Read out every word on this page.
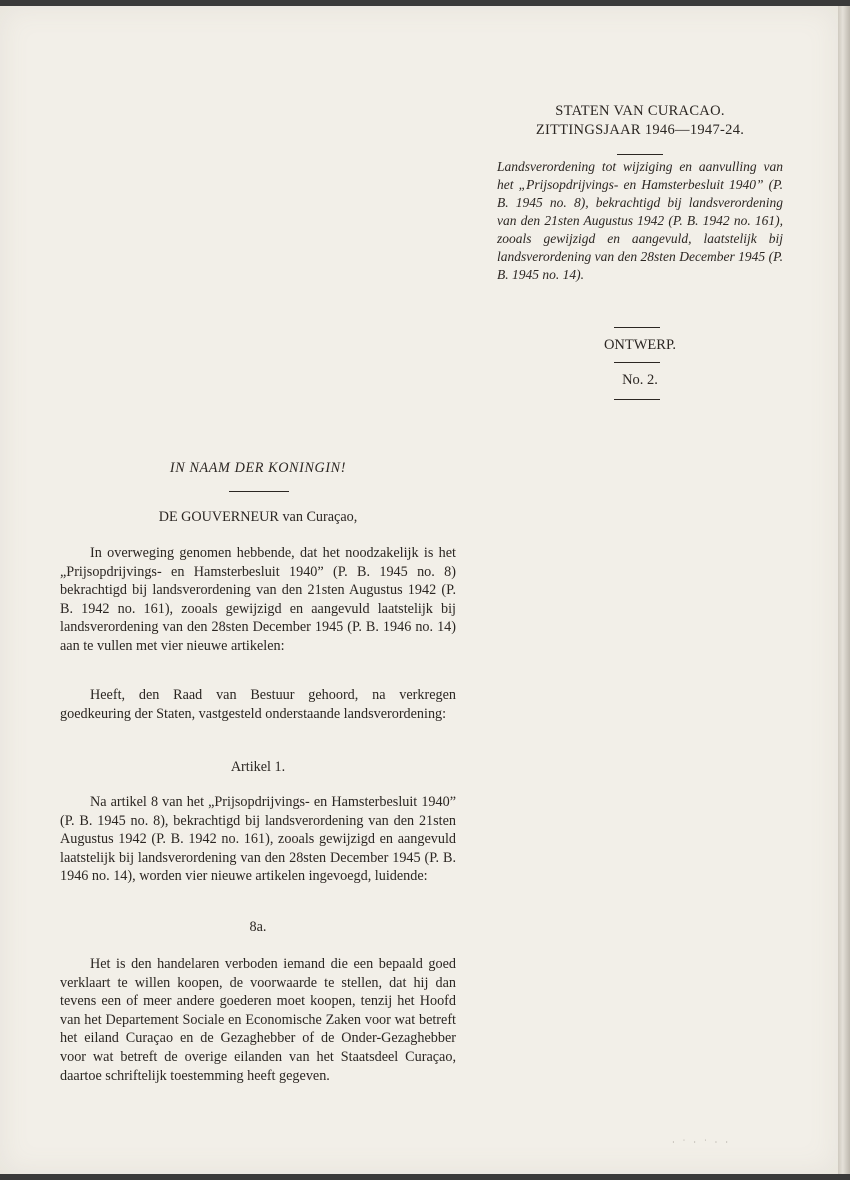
STATEN VAN CURACAO.
ZITTINGSJAAR 1946—1947-24.
Landsverordening tot wijziging en aanvulling van het „Prijsopdrijvings- en Hamsterbesluit 1940” (P. B. 1945 no. 8), bekrachtigd bij landsverordening van den 21sten Augustus 1942 (P. B. 1942 no. 161), zooals gewijzigd en aangevuld, laatstelijk bij landsverordening van den 28sten December 1945 (P. B. 1945 no. 14).
ONTWERP.
No. 2.
IN NAAM DER KONINGIN!
DE GOUVERNEUR van Curaçao,
In overweging genomen hebbende, dat het noodzakelijk is het „Prijsopdrijvings- en Hamsterbesluit 1940” (P. B. 1945 no. 8) bekrachtigd bij landsverordening van den 21sten Augustus 1942 (P. B. 1942 no. 161), zooals gewijzigd en aangevuld laatstelijk bij landsverordening van den 28sten December 1945 (P. B. 1946 no. 14) aan te vullen met vier nieuwe artikelen:
Heeft, den Raad van Bestuur gehoord, na verkregen goedkeuring der Staten, vastgesteld onderstaande landsverordening:
Artikel 1.
Na artikel 8 van het „Prijsopdrijvings- en Hamsterbesluit 1940” (P. B. 1945 no. 8), bekrachtigd bij landsverordening van den 21sten Augustus 1942 (P. B. 1942 no. 161), zooals gewijzigd en aangevuld laatstelijk bij landsverordening van den 28sten December 1945 (P. B. 1946 no. 14), worden vier nieuwe artikelen ingevoegd, luidende:
8a.
Het is den handelaren verboden iemand die een bepaald goed verklaart te willen koopen, de voorwaarde te stellen, dat hij dan tevens een of meer andere goederen moet koopen, tenzij het Hoofd van het Departement Sociale en Economische Zaken voor wat betreft het eiland Curaçao en de Gezaghebber of de Onder-Gezaghebber voor wat betreft de overige eilanden van het Staatsdeel Curaçao, daartoe schriftelijk toestemming heeft gegeven.
· ˙ · ˙ · ·
